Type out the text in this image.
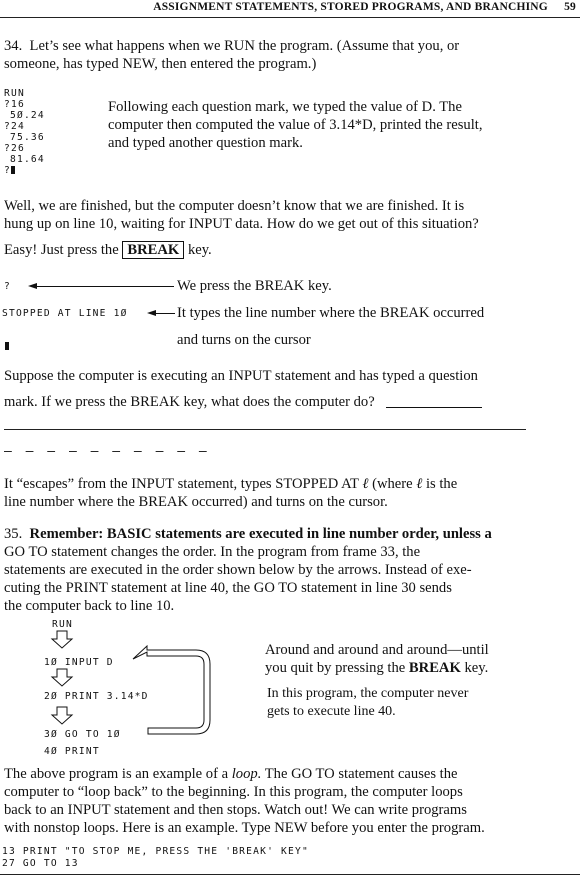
ASSIGNMENT STATEMENTS, STORED PROGRAMS, AND BRANCHING 59
34. Let’s see what happens when we RUN the program. (Assume that you, or
someone, has typed NEW, then entered the program.)
RUN
?16
5Ø.24
?24
75.36
?26
81.64
?
Following each question mark, we typed the value of D. The
computer then computed the value of 3.14*D, printed the result,
and typed another question mark.
Well, we are finished, but the computer doesn’t know that we are finished. It is
hung up on line 10, waiting for INPUT data. How do we get out of this situation?
Easy! Just press the BREAK key.
?	We press the BREAK key.
STOPPED AT LINE 1Ø	It types the line number where the BREAK occurred
and turns on the cursor
Suppose the computer is executing an INPUT statement and has typed a question
mark. If we press the BREAK key, what does the computer do?
— — — — — — — — — —
It “escapes” from the INPUT statement, types STOPPED AT ℓ (where ℓ is the
line number where the BREAK occurred) and turns on the cursor.
35. Remember: BASIC statements are executed in line number order, unless a
GO TO statement changes the order. In the program from frame 33, the
statements are executed in the order shown below by the arrows. Instead of exe-
cuting the PRINT statement at line 40, the GO TO statement in line 30 sends
the computer back to line 10.
RUN
1Ø INPUT D
2Ø PRINT 3.14*D
3Ø GO TO 1Ø
4Ø PRINT
Around and around and around—until
you quit by pressing the BREAK key.
In this program, the computer never
gets to execute line 40.
The above program is an example of a loop. The GO TO statement causes the
computer to “loop back” to the beginning. In this program, the computer loops
back to an INPUT statement and then stops. Watch out! We can write programs
with nonstop loops. Here is an example. Type NEW before you enter the program.
13 PRINT "TO STOP ME, PRESS THE 'BREAK' KEY"
27 GO TO 13
